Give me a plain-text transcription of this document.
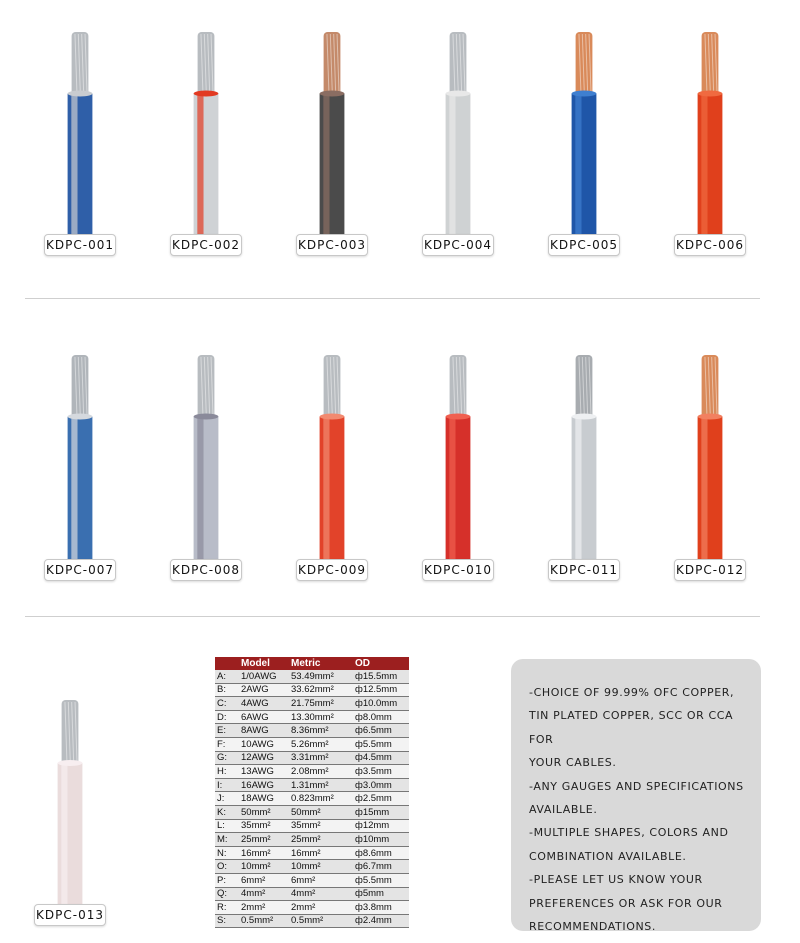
KDPC-001	KDPC-002	KDPC-003	KDPC-004	KDPC-005	KDPC-006
KDPC-007	KDPC-008	KDPC-009	KDPC-010	KDPC-011	KDPC-012
KDPC-013
	Model	Metric	OD
A:	1/0AWG	53.49mm²	ф15.5mm
B:	2AWG	33.62mm²	ф12.5mm
C:	4AWG	21.75mm²	ф10.0mm
D:	6AWG	13.30mm²	ф8.0mm
E:	8AWG	8.36mm²	ф6.5mm
F:	10AWG	5.26mm²	ф5.5mm
G:	12AWG	3.31mm²	ф4.5mm
H:	13AWG	2.08mm²	ф3.5mm
I:	16AWG	1.31mm²	ф3.0mm
J:	18AWG	0.823mm²	ф2.5mm
K:	50mm²	50mm²	ф15mm
L:	35mm²	35mm²	ф12mm
M:	25mm²	25mm²	ф10mm
N:	16mm²	16mm²	ф8.6mm
O:	10mm²	10mm²	ф6.7mm
P:	6mm²	6mm²	ф5.5mm
Q:	4mm²	4mm²	ф5mm
R:	2mm²	2mm²	ф3.8mm
S:	0.5mm²	0.5mm²	ф2.4mm
-CHOICE OF 99.99% OFC COPPER,
TIN PLATED COPPER, SCC OR CCA FOR
YOUR CABLES.
-ANY GAUGES AND SPECIFICATIONS
AVAILABLE.
-MULTIPLE SHAPES, COLORS AND
COMBINATION AVAILABLE.
-PLEASE LET US KNOW YOUR
PREFERENCES OR ASK FOR OUR
RECOMMENDATIONS.
